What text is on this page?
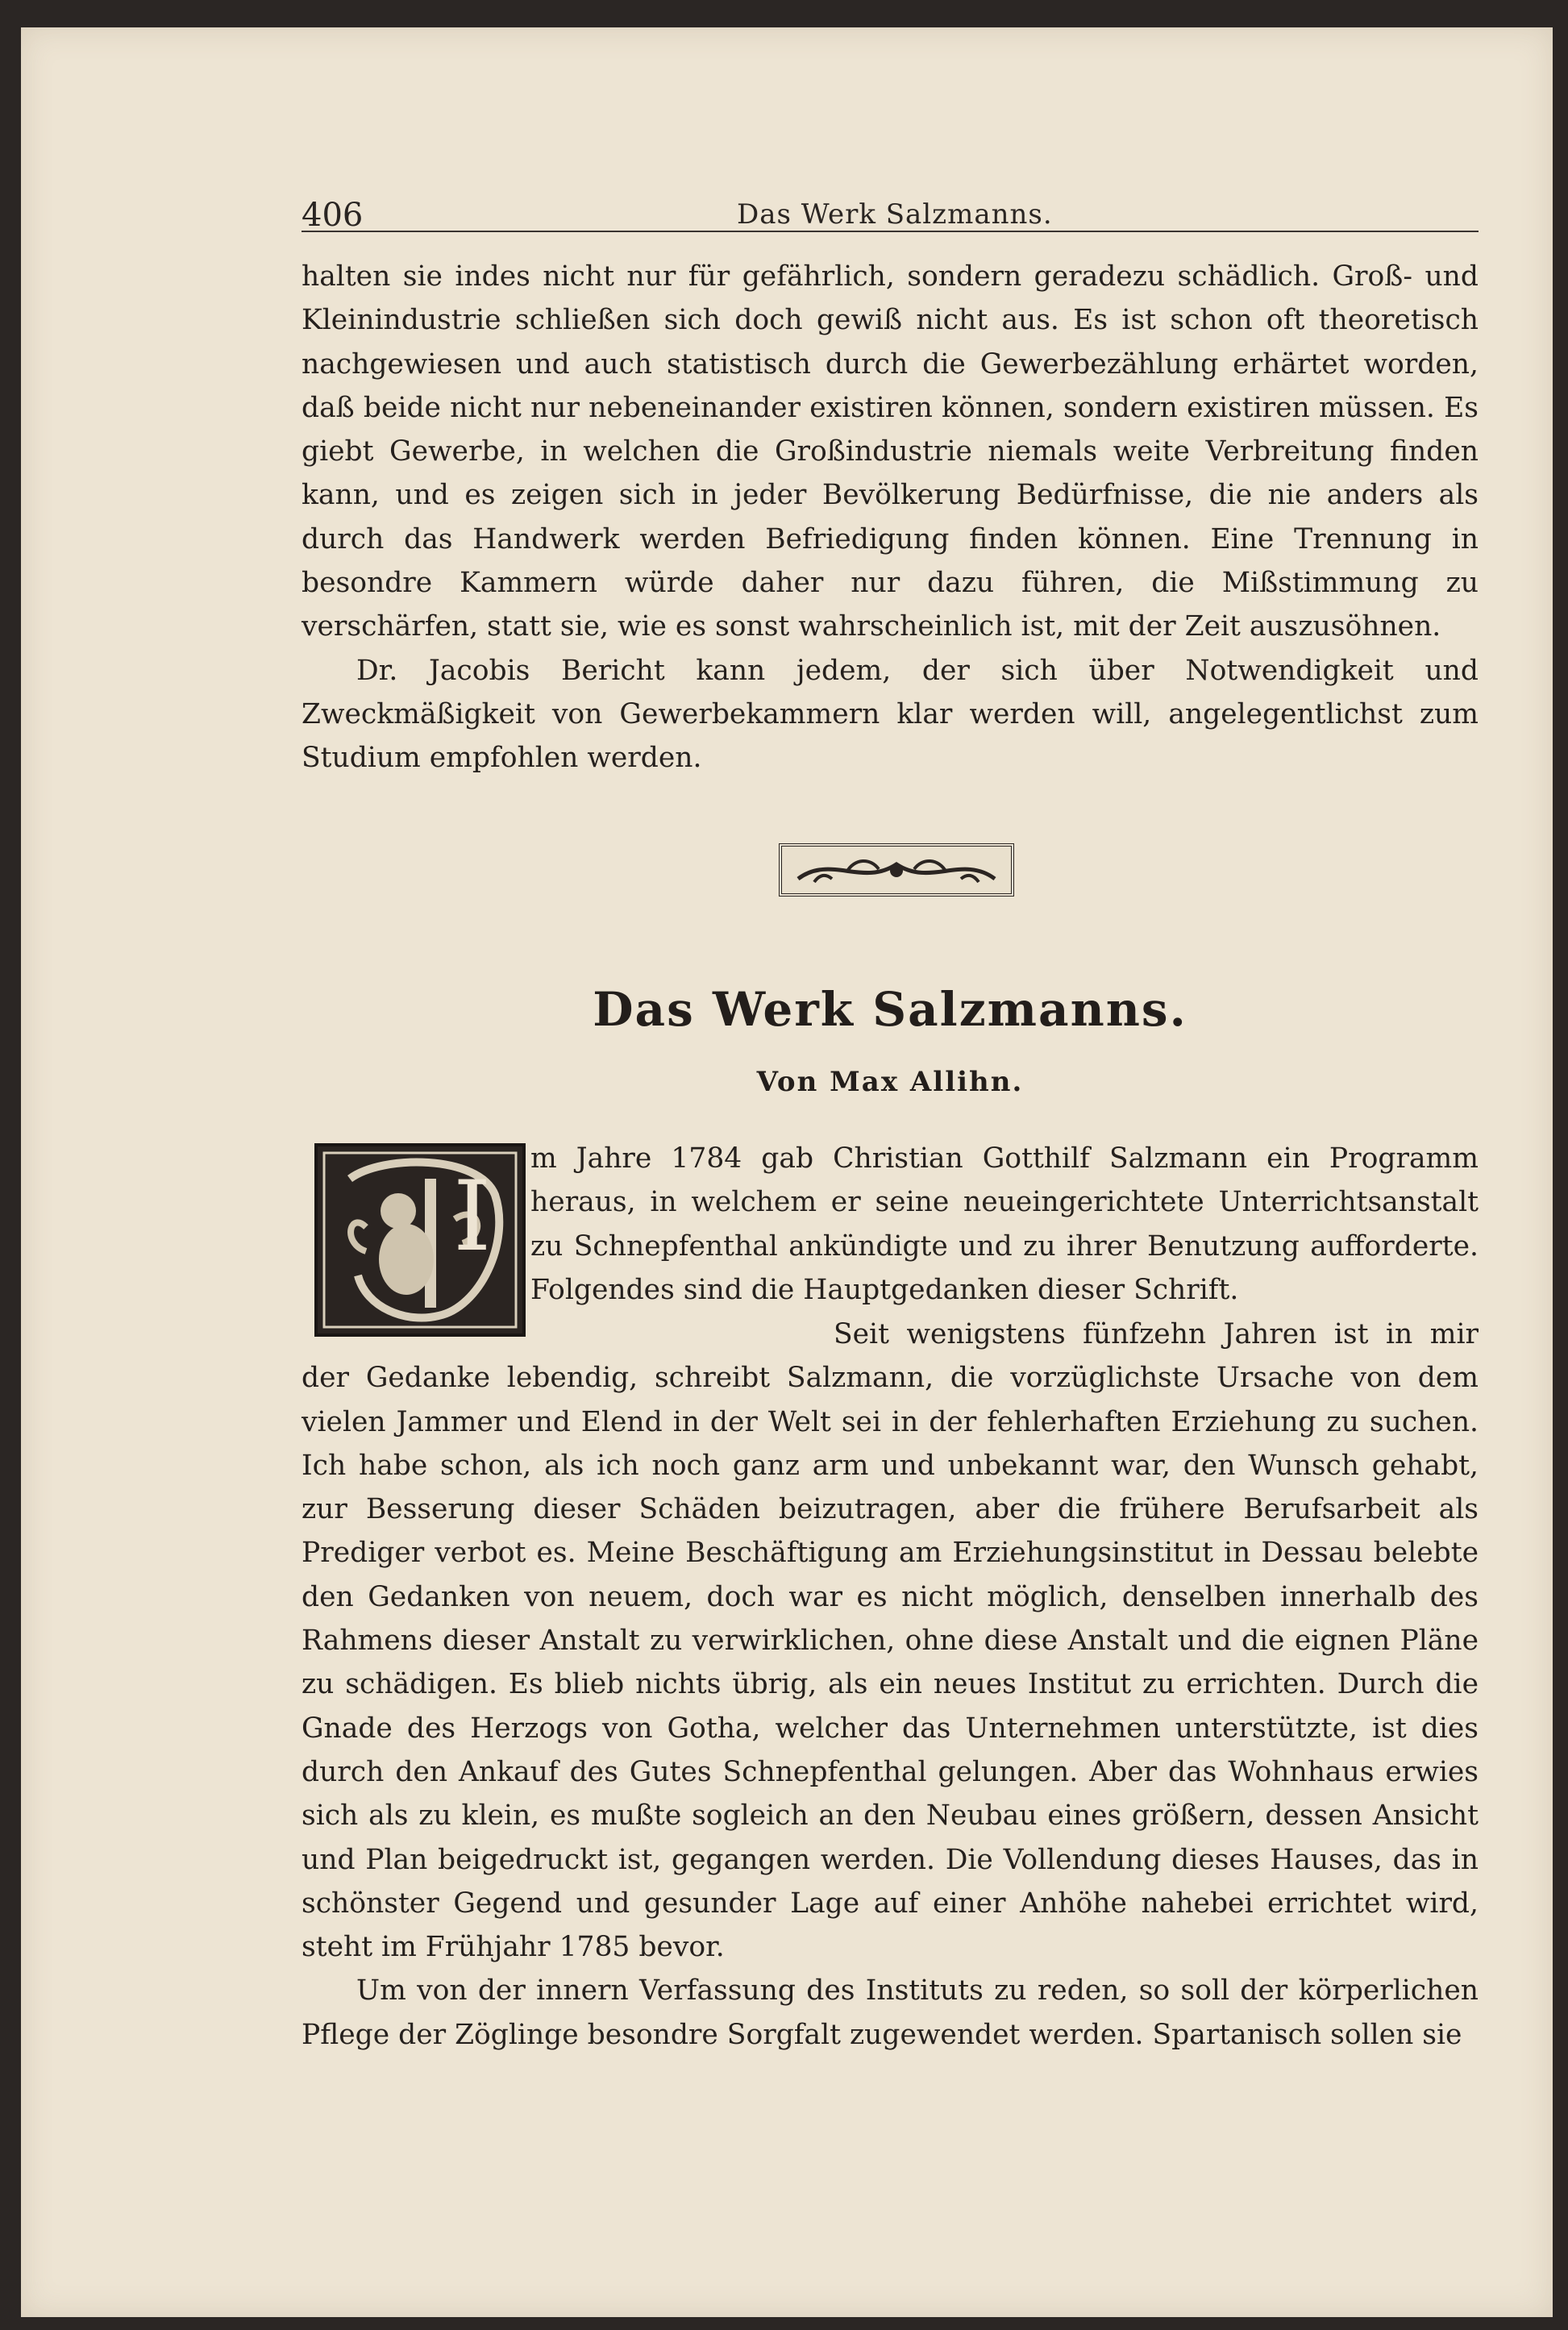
406	Das Werk Salzmanns.

halten sie indes nicht nur für gefährlich, sondern geradezu schädlich. Groß- und Kleinindustrie schließen sich doch gewiß nicht aus. Es ist schon oft theoretisch nachgewiesen und auch statistisch durch die Gewerbezählung erhärtet worden, daß beide nicht nur nebeneinander existiren können, sondern existiren müssen. Es giebt Gewerbe, in welchen die Großindustrie niemals weite Verbreitung finden kann, und es zeigen sich in jeder Bevölkerung Bedürfnisse, die nie anders als durch das Handwerk werden Befriedigung finden können. Eine Trennung in besondre Kammern würde daher nur dazu führen, die Mißstimmung zu verschärfen, statt sie, wie es sonst wahrscheinlich ist, mit der Zeit auszusöhnen.

Dr. Jacobis Bericht kann jedem, der sich über Notwendigkeit und Zweckmäßigkeit von Gewerbekammern klar werden will, angelegentlichst zum Studium empfohlen werden.

Das Werk Salzmanns.
Von Max Allihn.
I
m Jahre 1784 gab Christian Gotthilf Salzmann ein Programm heraus, in welchem er seine neueingerichtete Unterrichtsanstalt zu Schnepfenthal ankündigte und zu ihrer Benutzung aufforderte. Folgendes sind die Hauptgedanken dieser Schrift.

Seit wenigstens fünfzehn Jahren ist in mir der Gedanke lebendig, schreibt Salzmann, die vorzüglichste Ursache von dem vielen Jammer und Elend in der Welt sei in der fehlerhaften Erziehung zu suchen. Ich habe schon, als ich noch ganz arm und unbekannt war, den Wunsch gehabt, zur Besserung dieser Schäden beizutragen, aber die frühere Berufsarbeit als Prediger verbot es. Meine Beschäftigung am Erziehungsinstitut in Dessau belebte den Gedanken von neuem, doch war es nicht möglich, denselben innerhalb des Rahmens dieser Anstalt zu verwirklichen, ohne diese Anstalt und die eignen Pläne zu schädigen. Es blieb nichts übrig, als ein neues Institut zu errichten. Durch die Gnade des Herzogs von Gotha, welcher das Unternehmen unterstützte, ist dies durch den Ankauf des Gutes Schnepfenthal gelungen. Aber das Wohnhaus erwies sich als zu klein, es mußte sogleich an den Neubau eines größern, dessen Ansicht und Plan beigedruckt ist, gegangen werden. Die Vollendung dieses Hauses, das in schönster Gegend und gesunder Lage auf einer Anhöhe nahebei errichtet wird, steht im Frühjahr 1785 bevor.

Um von der innern Verfassung des Instituts zu reden, so soll der körperlichen Pflege der Zöglinge besondre Sorgfalt zugewendet werden. Spartanisch sollen sie
